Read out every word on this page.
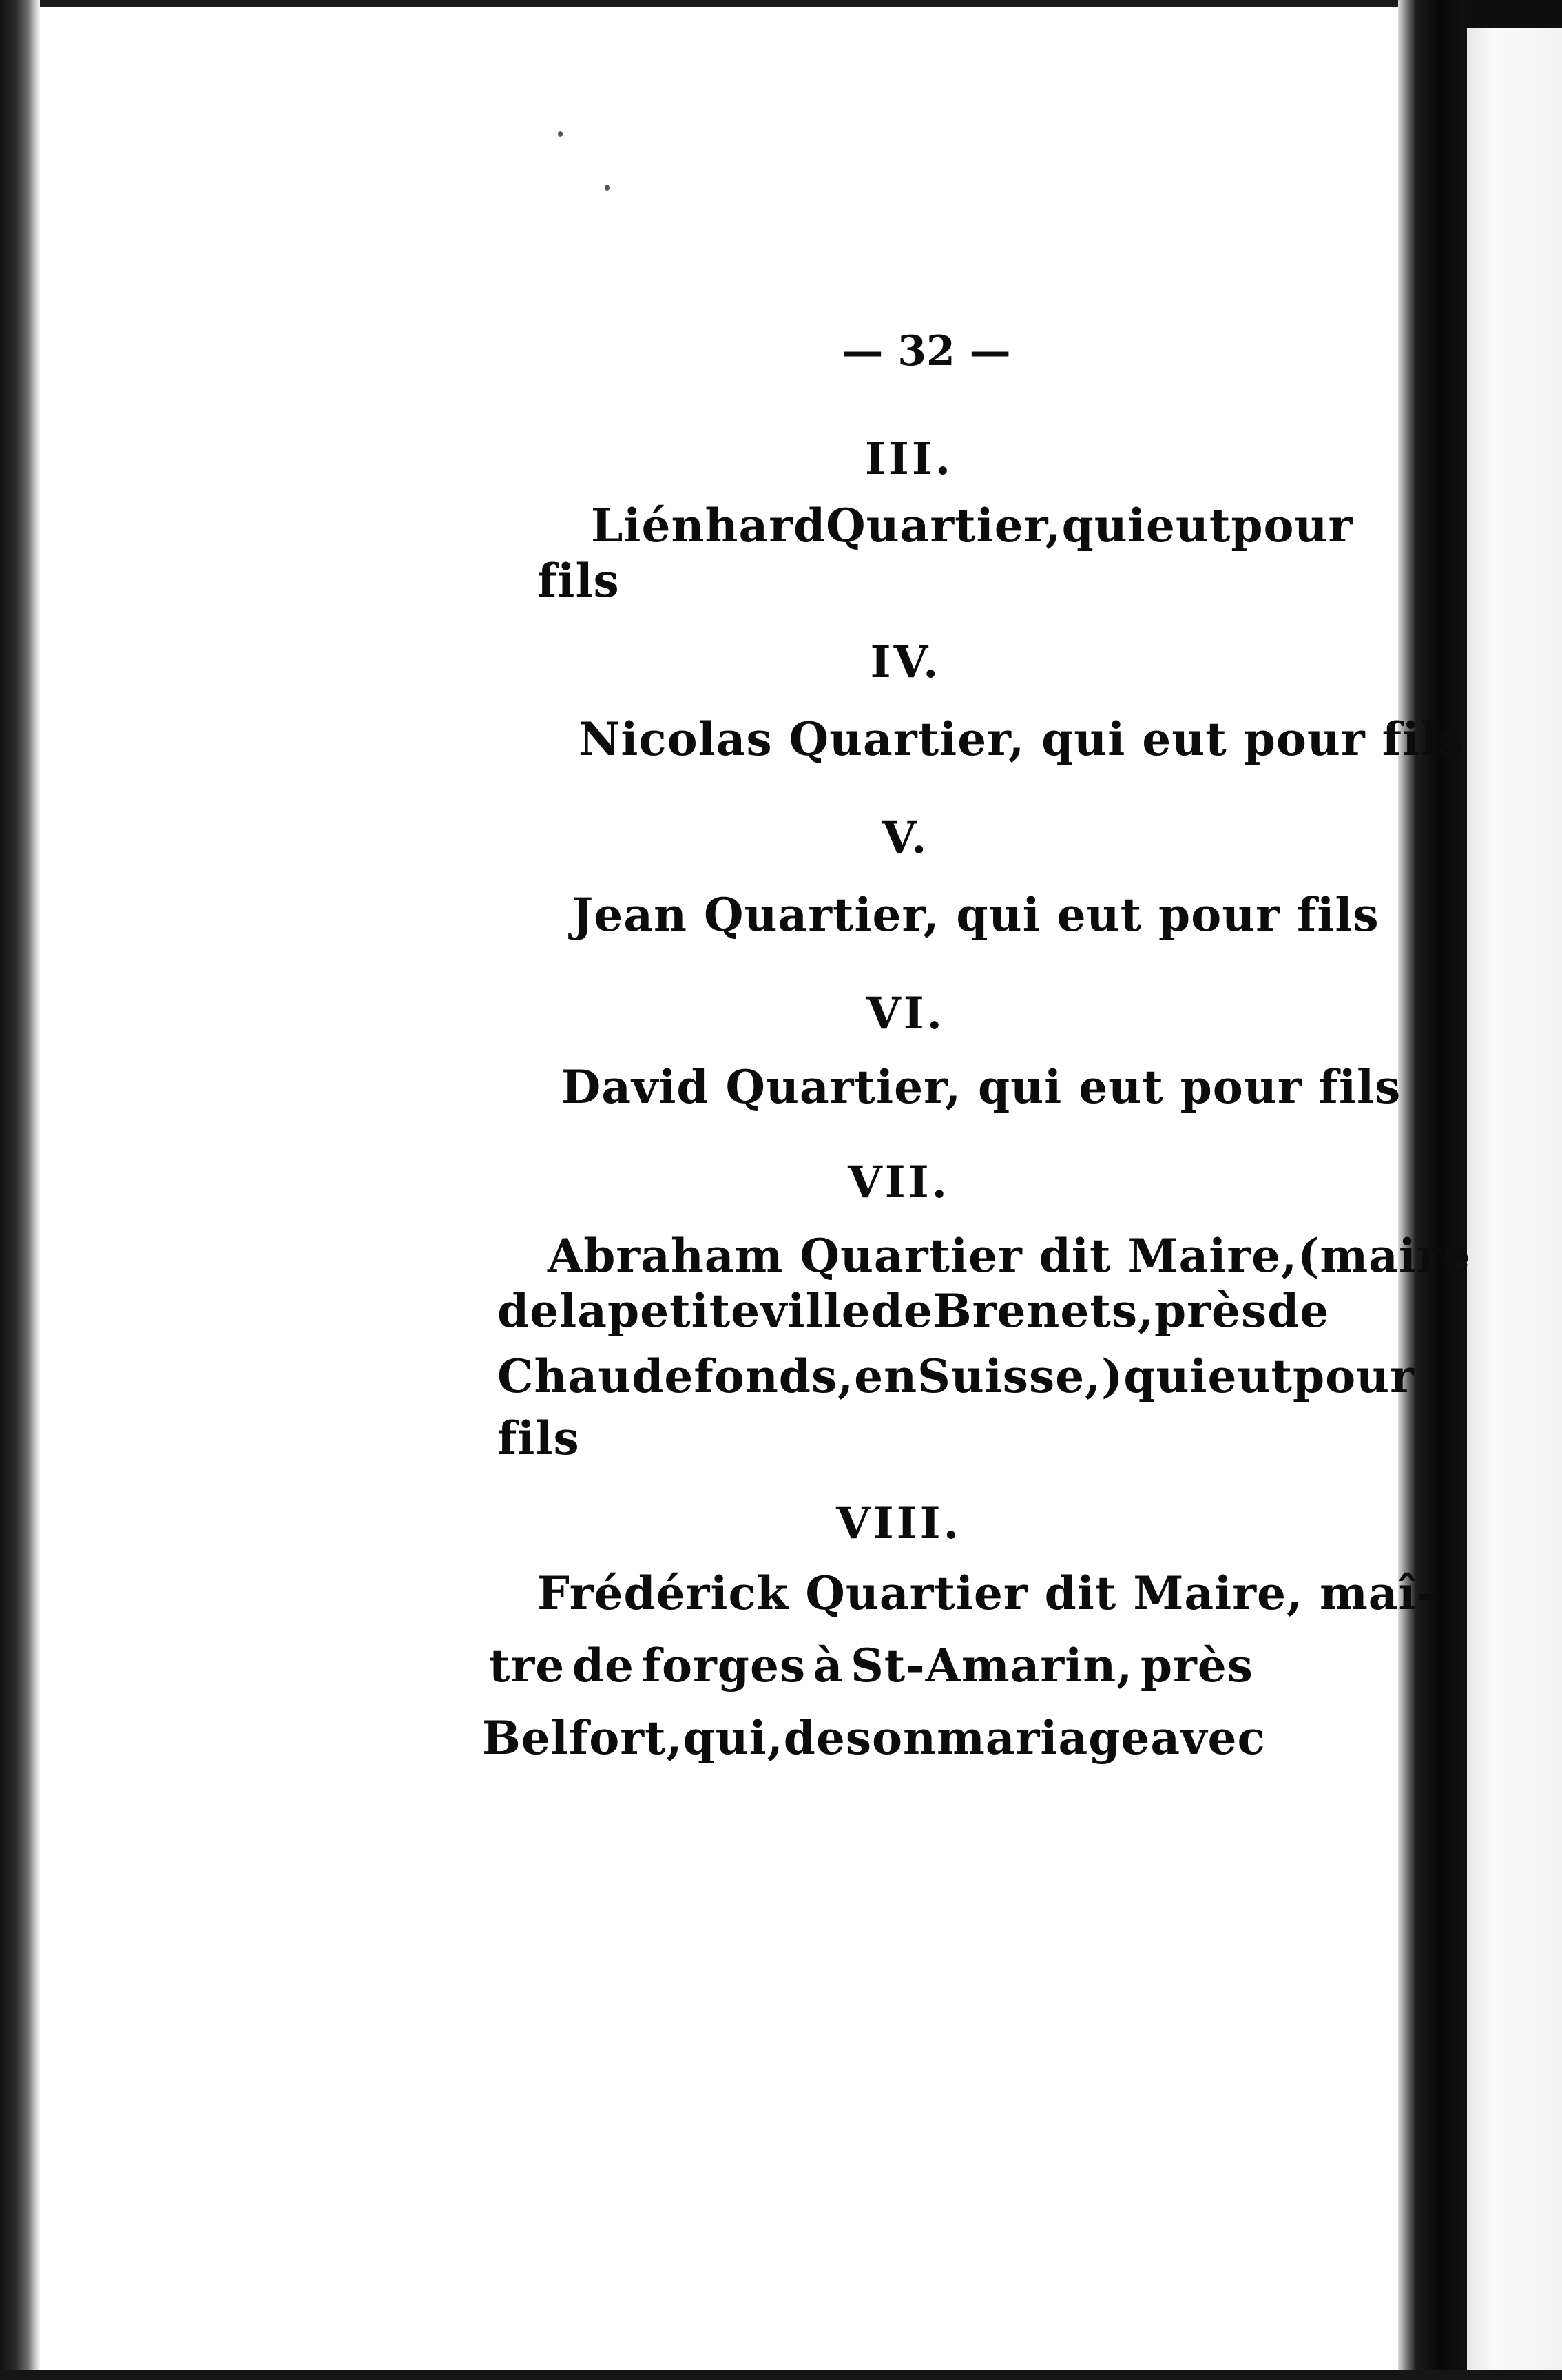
— 32 —
III.
Liénhard Quartier, qui eut pour
fils
IV.
Nicolas Quartier, qui eut pour fils
V.
Jean Quartier, qui eut pour fils
VI.
David Quartier, qui eut pour fils
VII.
Abraham Quartier dit Maire,(maire
de la petite ville de Brenets, près de
Chaudefonds, en Suisse,) qui eut pour
fils
VIII.
Frédérick Quartier dit Maire, maî-
tre de forges à St-Amarin, près
Belfort, qui, de son mariage avec
